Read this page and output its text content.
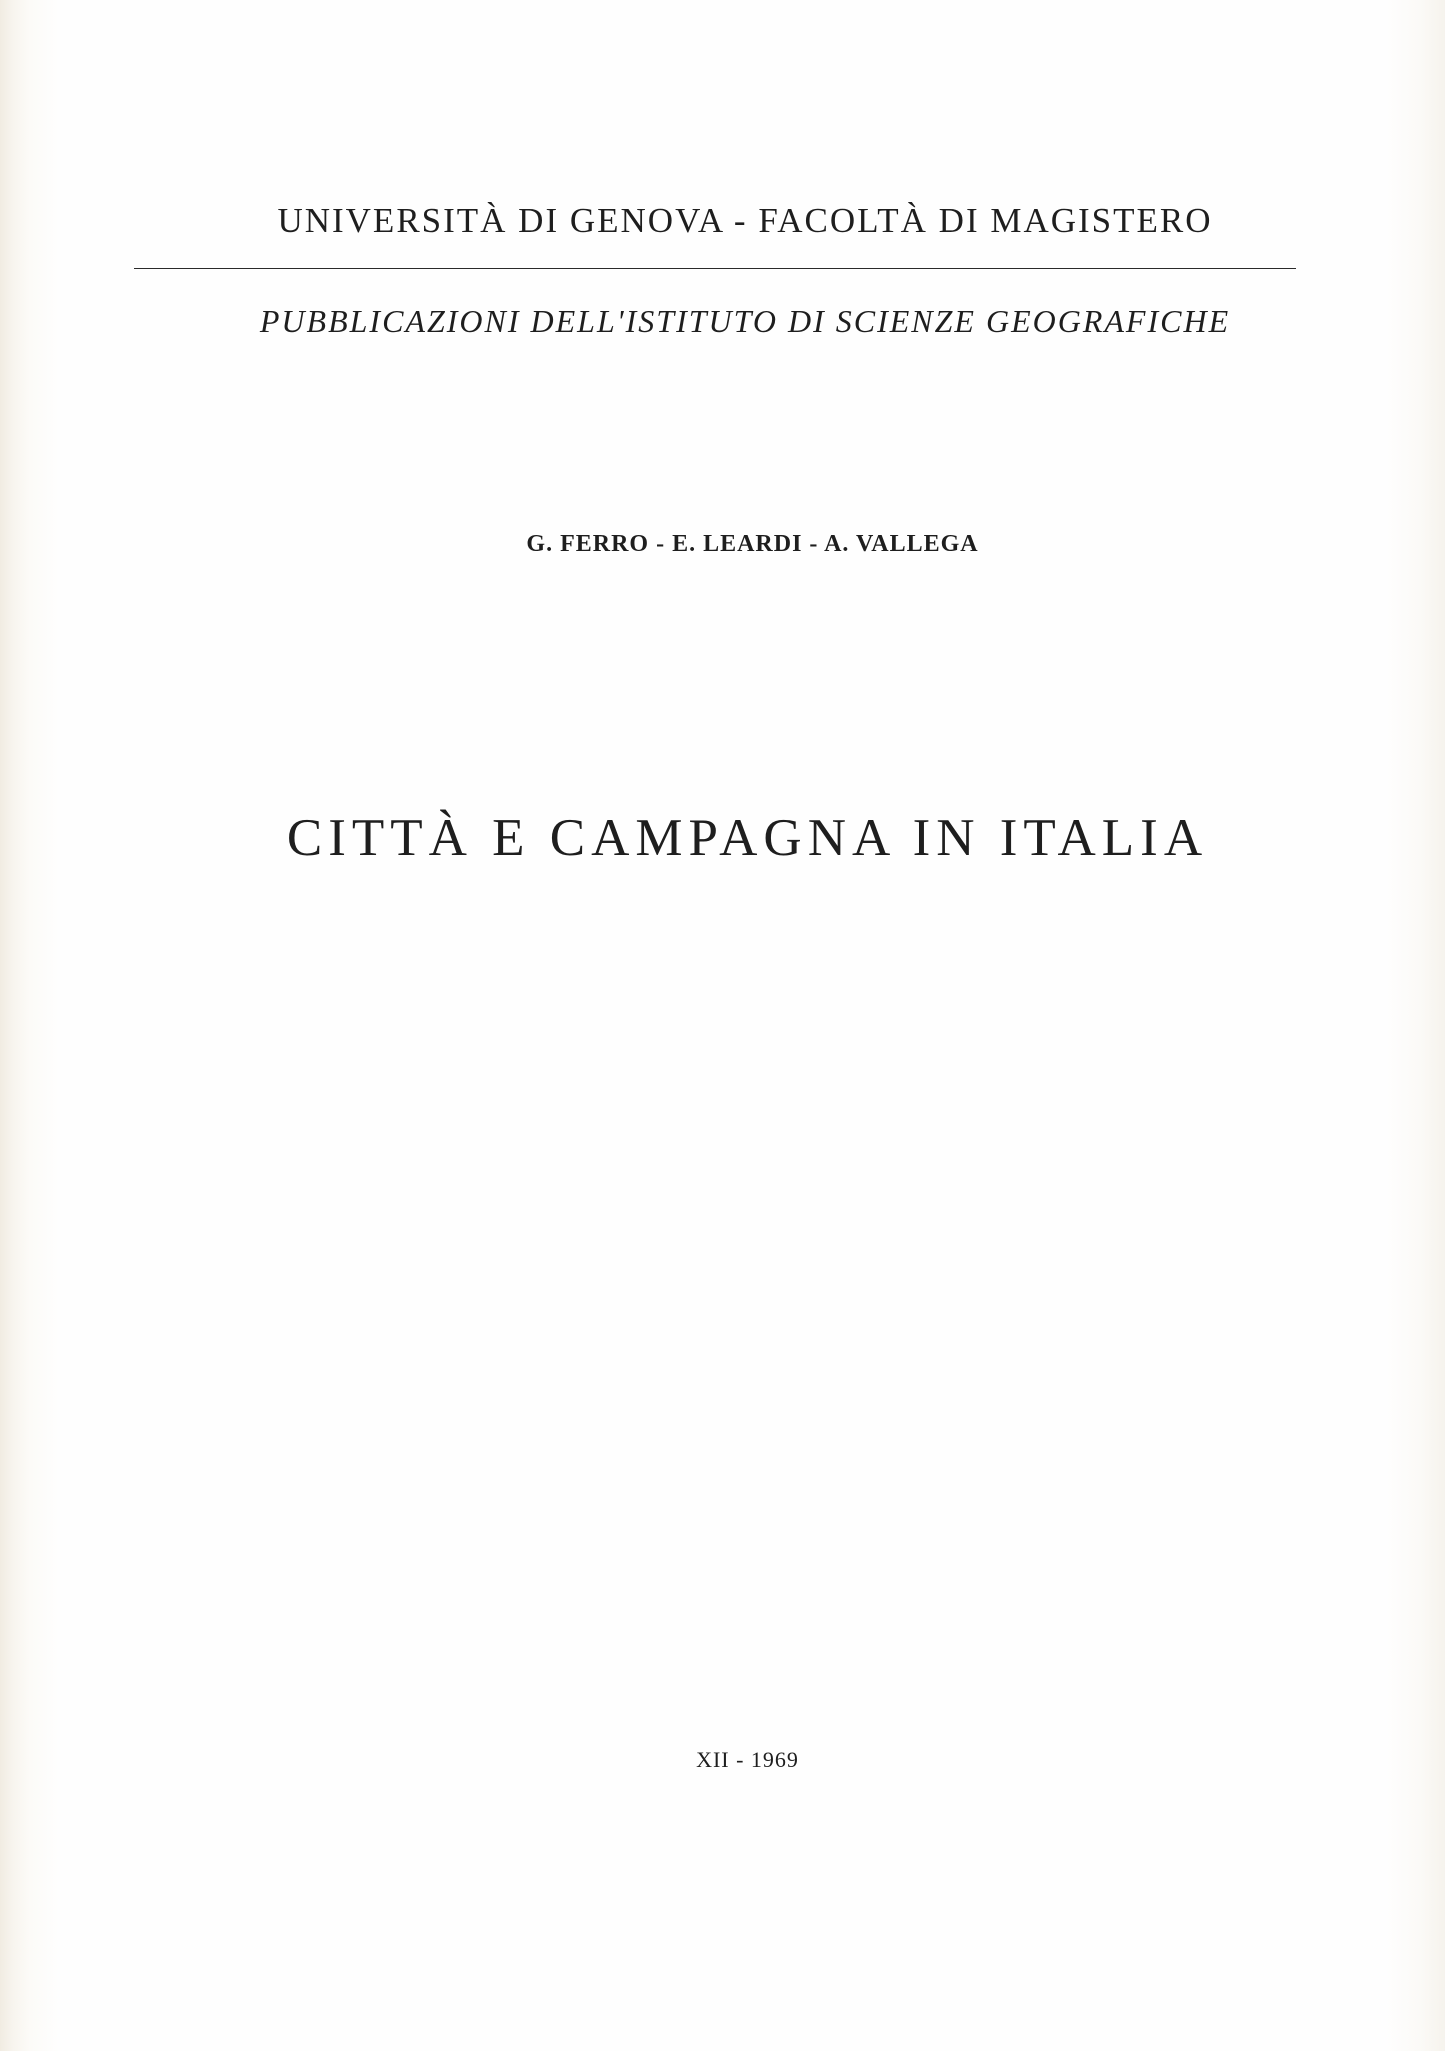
UNIVERSITÀ DI GENOVA - FACOLTÀ DI MAGISTERO
PUBBLICAZIONI DELL'ISTITUTO DI SCIENZE GEOGRAFICHE
G. FERRO - E. LEARDI - A. VALLEGA
CITTÀ E CAMPAGNA IN ITALIA
XII - 1969
